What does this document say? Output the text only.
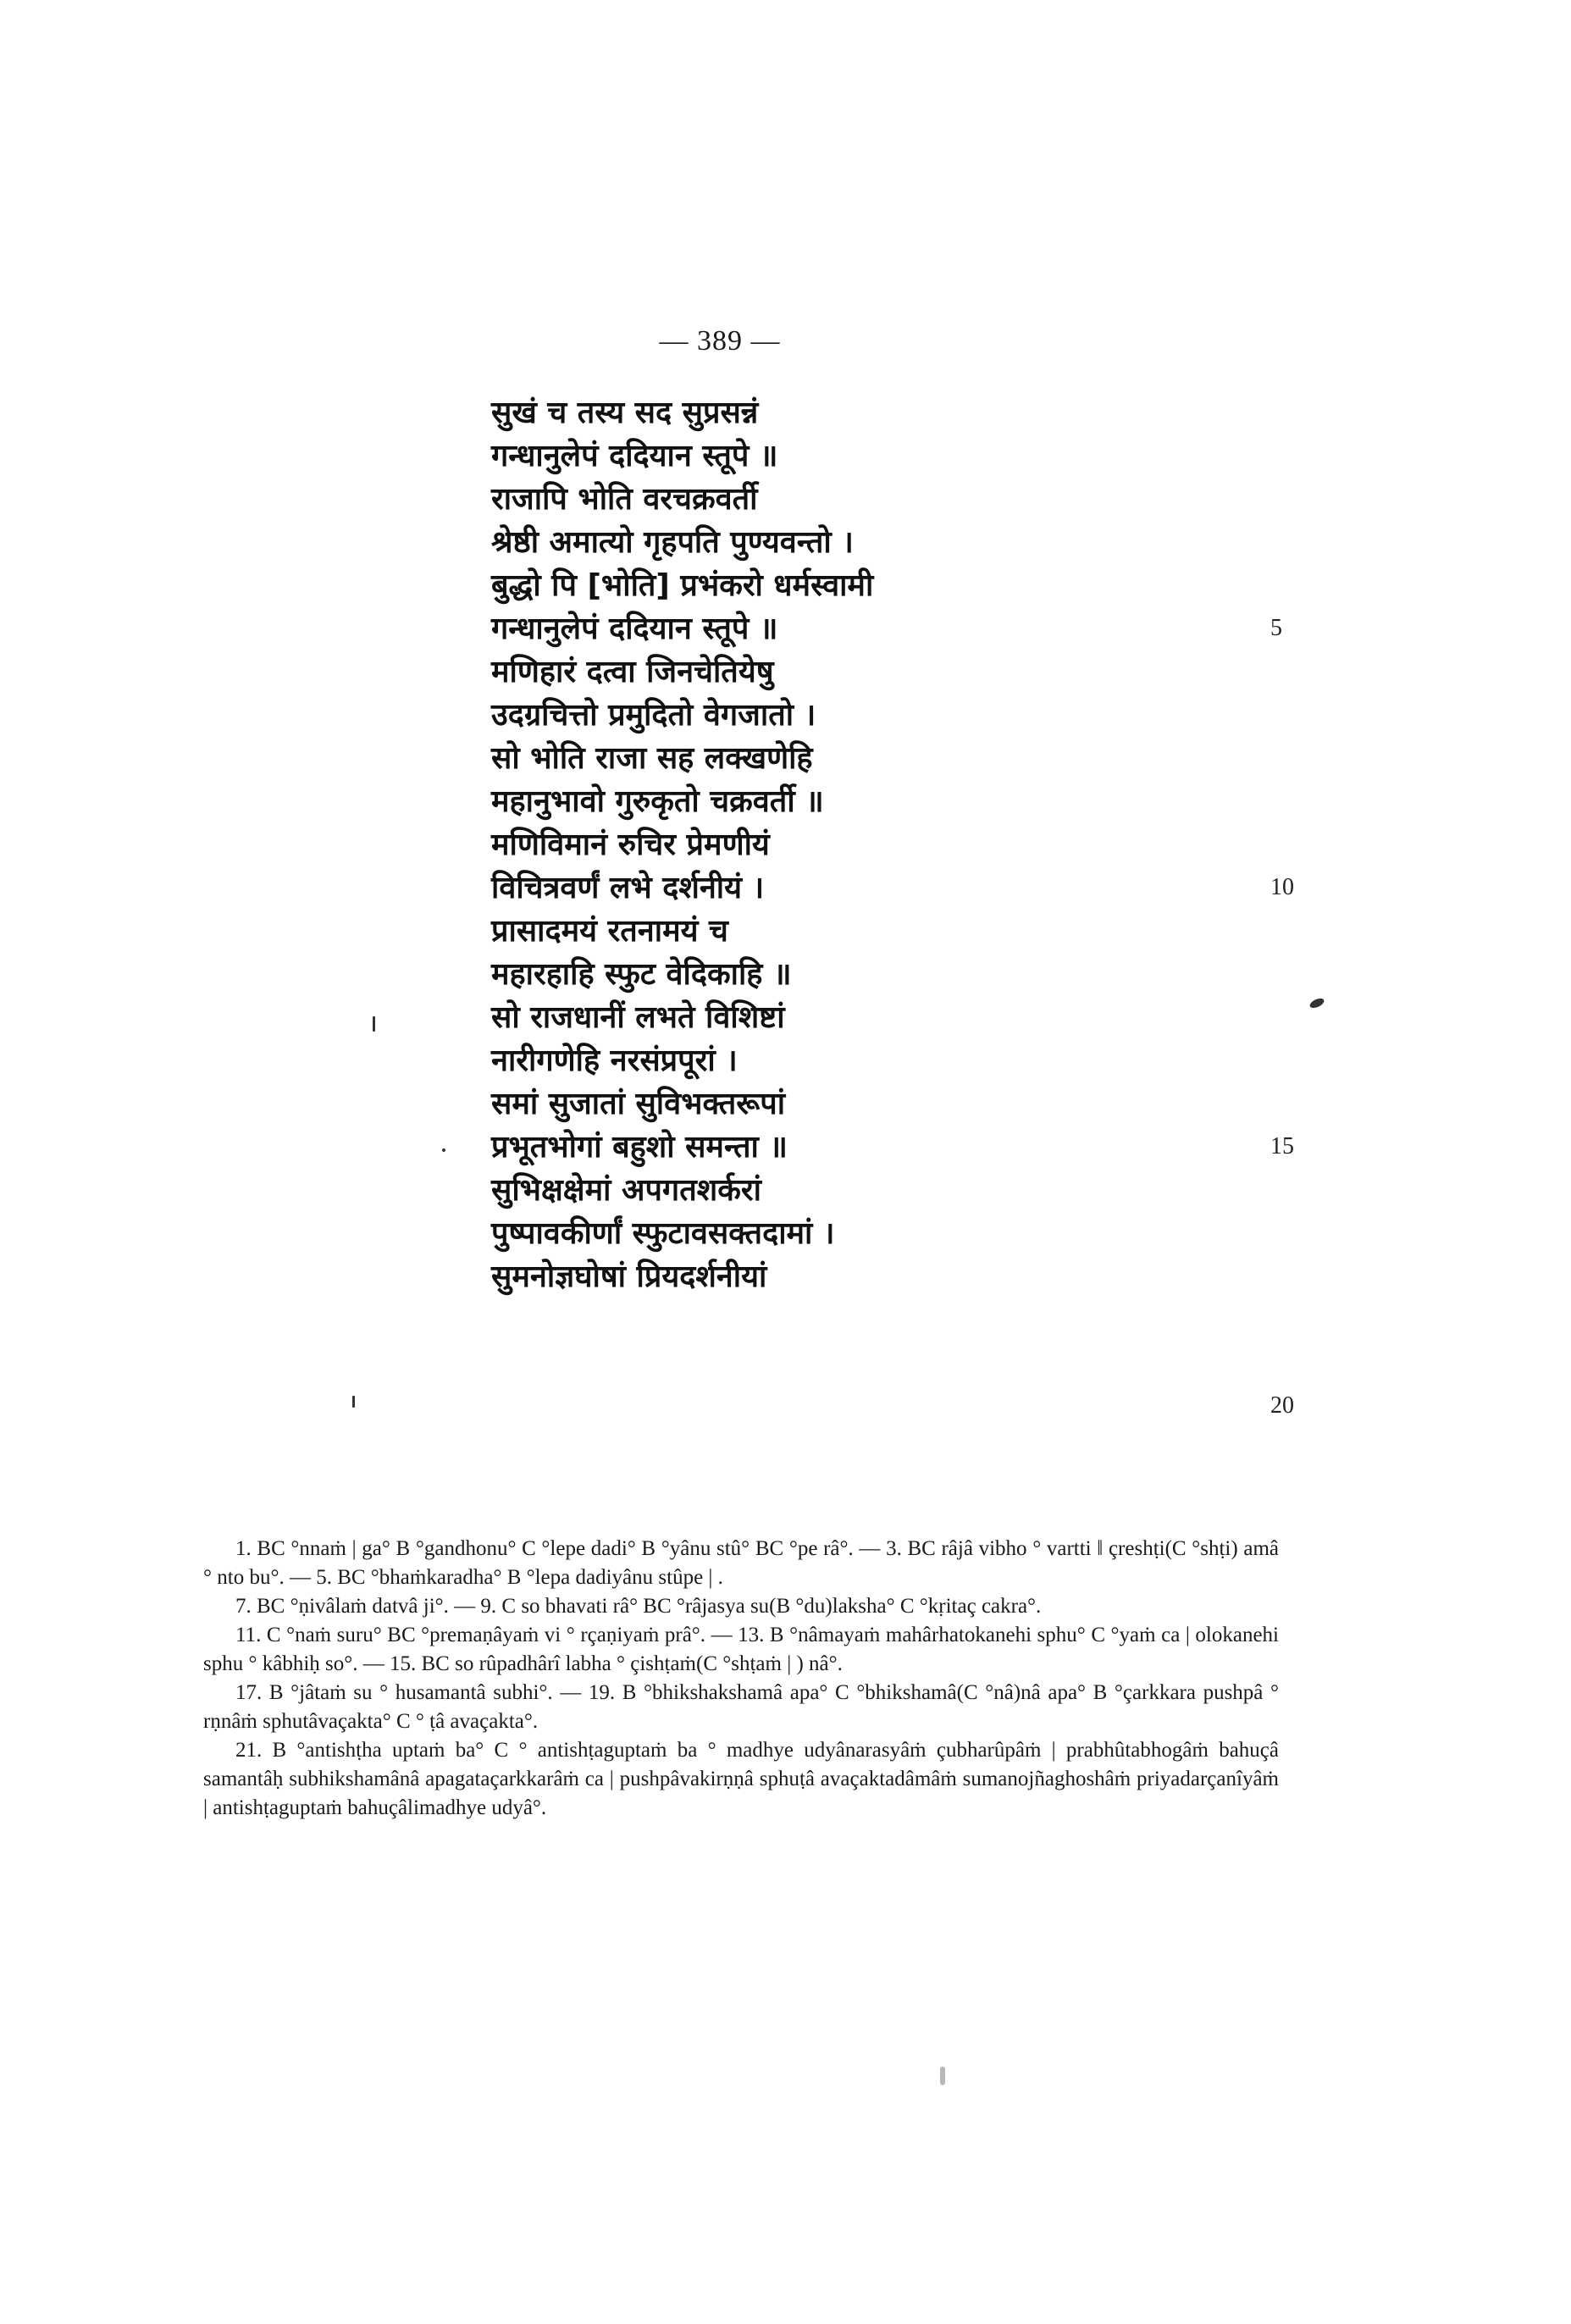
— 389 —
सुखं च तस्य सद सुप्रसन्नं
गन्धानुलेपं ददियान स्तूपे ॥
राजापि भोति वरचक्रवर्ती
श्रेष्ठी अमात्यो गृहपति पुण्यवन्तो ।
बुद्धो पि [भोति] प्रभंकरो धर्मस्वामी
गन्धानुलेपं ददियान स्तूपे ॥
मणिहारं दत्वा जिनचेतियेषु
उदग्रचित्तो प्रमुदितो वेगजातो ।
सो भोति राजा सह लक्खणेहि
महानुभावो गुरुकृतो चक्रवर्ती ॥
मणिविमानं रुचिर प्रेमणीयं
विचित्रवर्णं लभे दर्शनीयं ।
प्रासादमयं रतनामयं च
महारहाहि स्फुट वेदिकाहि ॥
सो राजधानीं लभते विशिष्टां
नारीगणेहि नरसंप्रपूरां ।
समां सुजातां सुविभक्तरूपां
प्रभूतभोगां बहुशो समन्ता ॥
सुभिक्षक्षेमां अपगतशर्करां
पुष्पावकीर्णां स्फुटावसक्तदामां ।
सुमनोज्ञघोषां प्रियदर्शनीयां
5
10
15
20

1. BC °nnaṁ | ga° B °gandhonu° C °lepe dadi° B °yânu stû° BC °pe râ°. — 3. BC râjâ vibho ° vartti ‖ çreshṭi(C °shṭi) amâ ° nto bu°. — 5. BC °bhaṁkaradha° B °lepa dadiyânu stûpe | .

7. BC °ṇivâlaṁ datvâ ji°. — 9. C so bhavati râ° BC °râjasya su(B °du)laksha° C °kṛitaç cakra°.

11. C °naṁ suru° BC °premaṇâyaṁ vi ° rçaṇiyaṁ prâ°. — 13. B °nâmayaṁ mahârhatokanehi sphu° C °yaṁ ca | olokanehi sphu ° kâbhiḥ so°. — 15. BC so rûpadhârî labha ° çishṭaṁ(C °shṭaṁ | ) nâ°.

17. B °jâtaṁ su ° husamantâ subhi°. — 19. B °bhikshakshamâ apa° C °bhikshamâ(C °nâ)nâ apa° B °çarkkara pushpâ ° rṇnâṁ sphutâvaçakta° C ° ṭâ avaçakta°.

21. B °antishṭha uptaṁ ba° C ° antishṭaguptaṁ ba ° madhye udyânarasyâṁ çubharûpâṁ | prabhûtabhogâṁ bahuçâ samantâḥ subhikshamânâ apagataçarkkarâṁ ca | pushpâvakirṇṇâ sphuṭâ avaçaktadâmâṁ sumanojñaghoshâṁ priyadarçanîyâṁ | antishṭaguptaṁ bahuçâlimadhye udyâ°.
